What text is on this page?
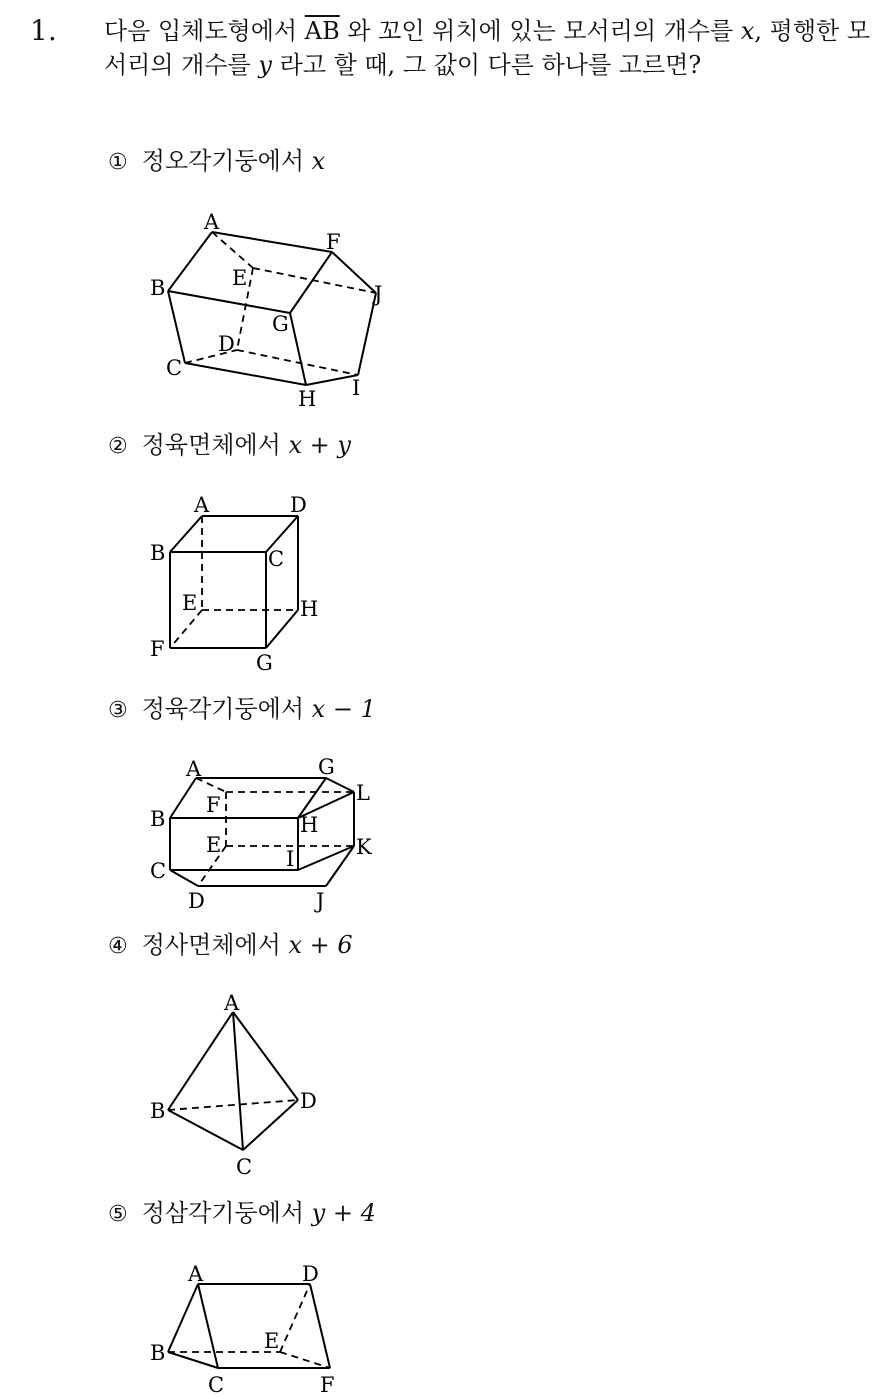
1. 다음 입체도형에서 $\overline{AB}$ 와 꼬인 위치에 있는 모서리의 개수를 x, 평행한 모서리의 개수를 y 라고 할 때, 그 값이 다른 하나를 고르면?
① 정오각기둥에서 x
A
B
C
D
E
F
G
H I
J
② 정육면체에서 x + y
A
B	C
D
E
F
G
H
③ 정육각기둥에서 x − 1
A
B
C
D
E
F
G
H
I
J
K
L
④ 정사면체에서 x + 6
A
B
C
D
⑤ 정삼각기둥에서 y + 4
A
B
C
D
E
F
